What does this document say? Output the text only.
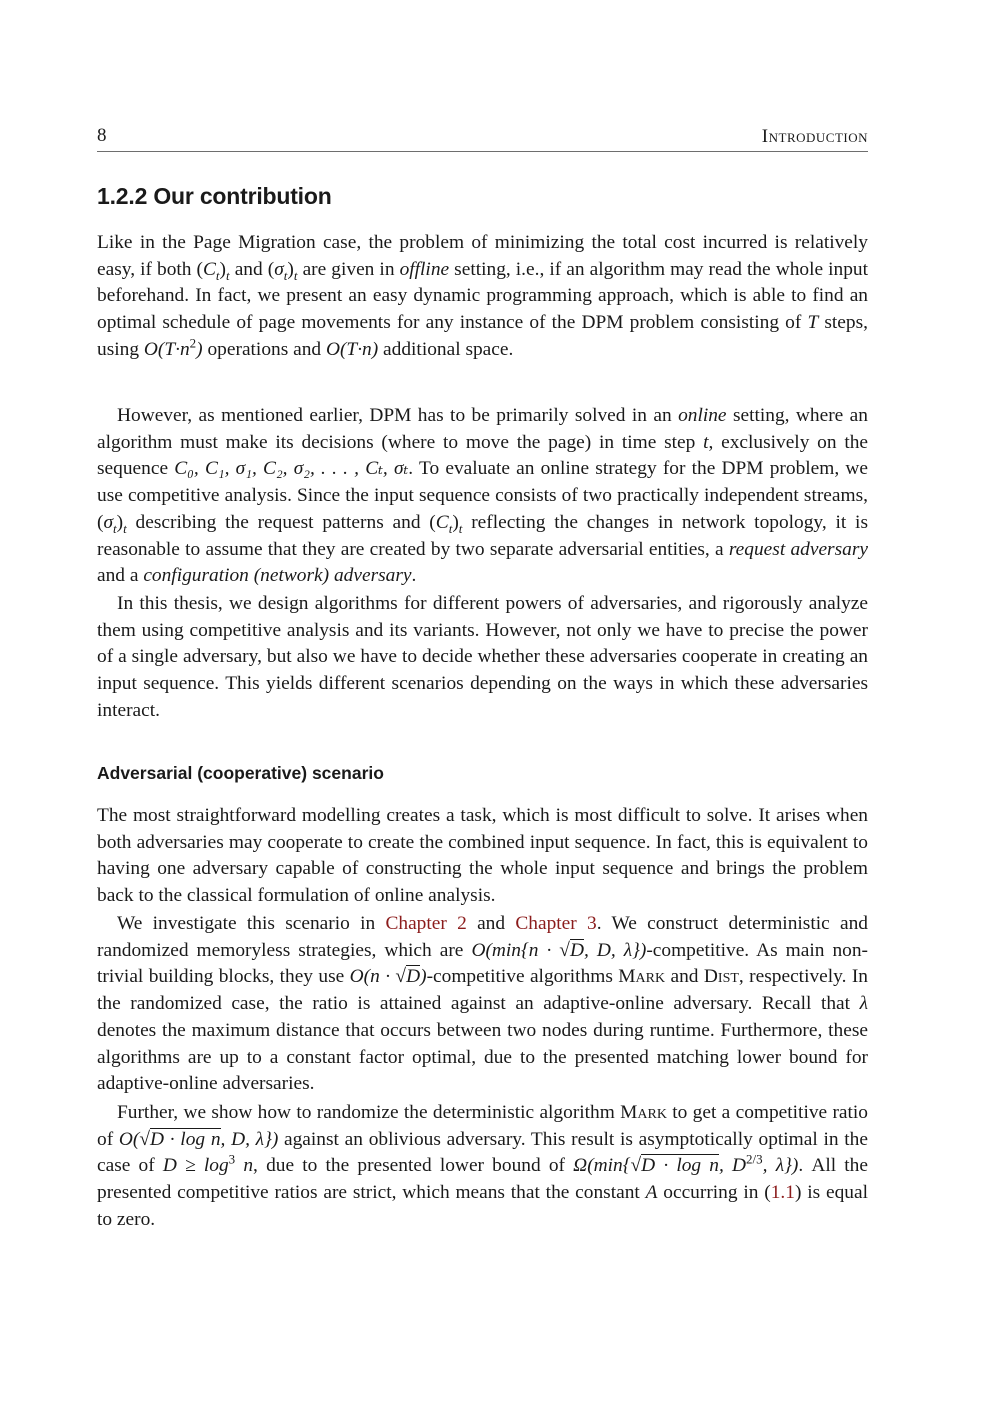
8	Introduction
1.2.2 Our contribution

Like in the Page Migration case, the problem of minimizing the total cost incurred is relatively easy, if both $(C_t)_t$ and $(\sigma_t)_t$ are given in offline setting, i.e., if an algorithm may read the whole input beforehand. In fact, we present an easy dynamic programming approach, which is able to find an optimal schedule of page movements for any instance of the DPM problem consisting of T steps, using $O(T\cdot n^2)$ operations and O(T·n) additional space.

However, as mentioned earlier, DPM has to be primarily solved in an online setting, where an algorithm must make its decisions (where to move the page) in time step t, exclusively on the sequence C₀, C₁, σ₁, C₂, σ₂, . . . , Cₜ, σₜ. To evaluate an online strategy for the DPM problem, we use competitive analysis. Since the input sequence consists of two practically independent streams, $(\sigma_t)_t$ describing the request patterns and $(C_t)_t$ reflecting the changes in network topology, it is reasonable to assume that they are created by two separate adversarial entities, a request adversary and a configuration (network) adversary.

In this thesis, we design algorithms for different powers of adversaries, and rigorously analyze them using competitive analysis and its variants. However, not only we have to precise the power of a single adversary, but also we have to decide whether these adversaries cooperate in creating an input sequence. This yields different scenarios depending on the ways in which these adversaries interact.

Adversarial (cooperative) scenario

The most straightforward modelling creates a task, which is most difficult to solve. It arises when both adversaries may cooperate to create the combined input sequence. In fact, this is equivalent to having one adversary capable of constructing the whole input sequence and brings the problem back to the classical formulation of online analysis.

We investigate this scenario in Chapter 2 and Chapter 3. We construct deterministic and randomized memoryless strategies, which are O(min{n · √D, D, λ})-competitive. As main non-trivial building blocks, they use O(n · √D)-competitive algorithms Mark and Dist, respectively. In the randomized case, the ratio is attained against an adaptive-online adversary. Recall that λ denotes the maximum distance that occurs between two nodes during runtime. Furthermore, these algorithms are up to a constant factor optimal, due to the presented matching lower bound for adaptive-online adversaries.

Further, we show how to randomize the deterministic algorithm Mark to get a competitive ratio of O(√D · log n, D, λ}) against an oblivious adversary. This result is asymptotically optimal in the case of $D \ge \log^3 n$, due to the presented lower bound of Ω(min{√D · log n, $D^{2/3}$, λ}). All the presented competitive ratios are strict, which means that the constant A occurring in (1.1) is equal to zero.
